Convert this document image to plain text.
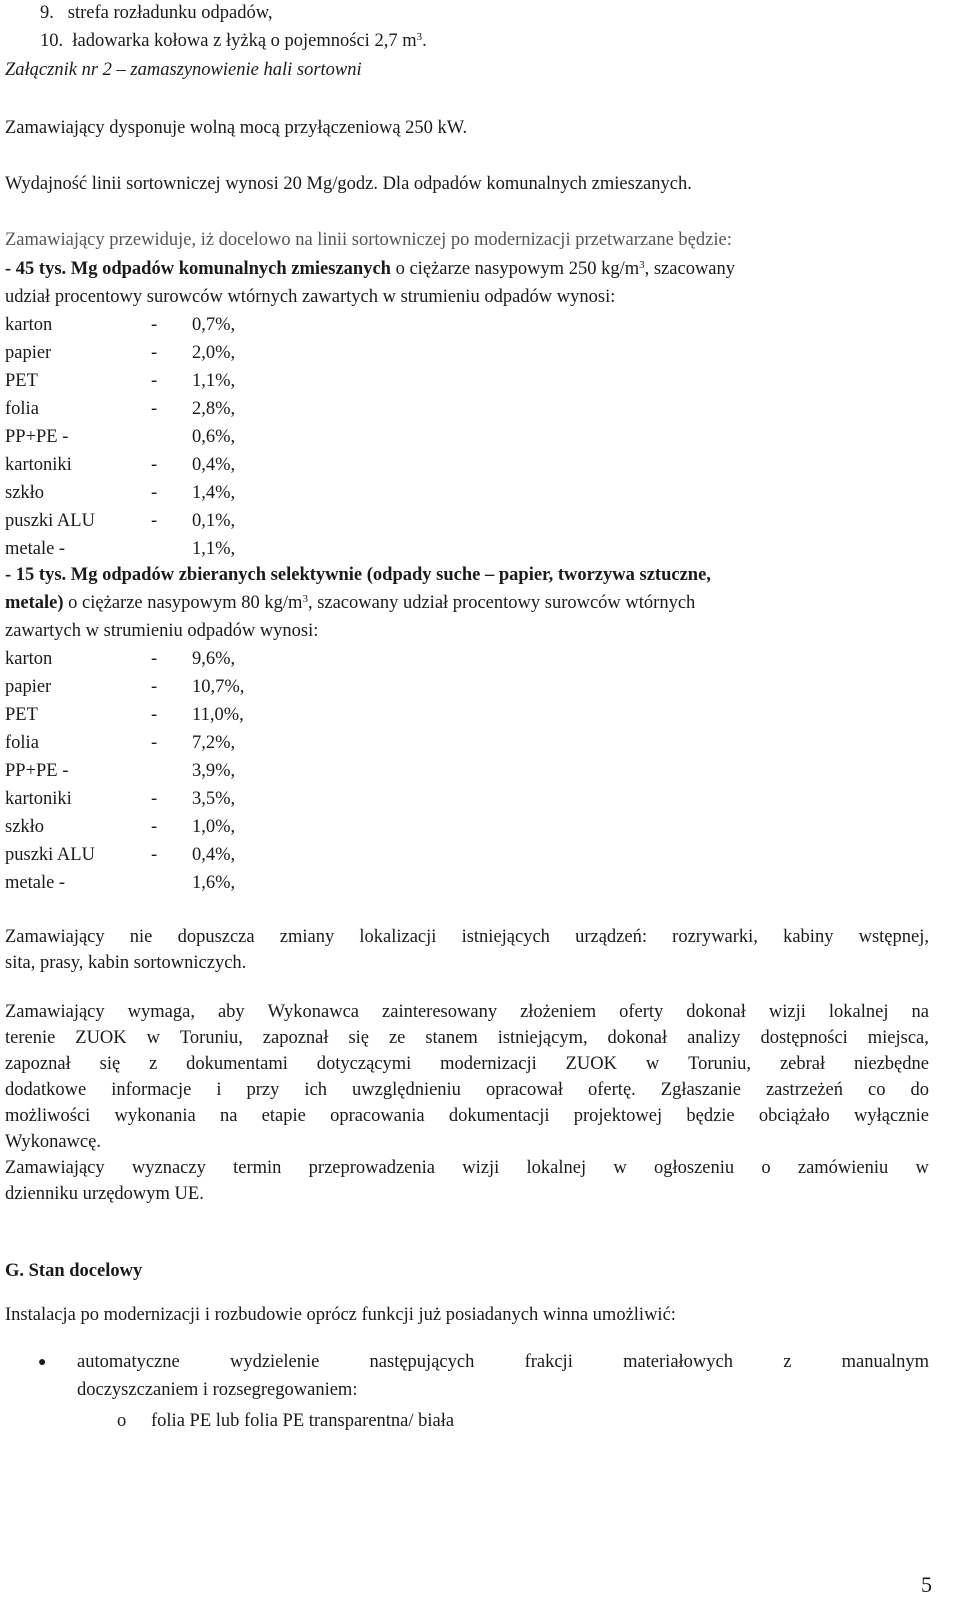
9. strefa rozładunku odpadów,
10. ładowarka kołowa z łyżką o pojemności 2,7 $m^3$.
Załącznik nr 2 – zamaszynowienie hali sortowni
Zamawiający dysponuje wolną mocą przyłączeniową 250 kW.
Wydajność linii sortowniczej wynosi 20 Mg/godz. Dla odpadów komunalnych zmieszanych.
Zamawiający przewiduje, iż docelowo na linii sortowniczej po modernizacji przetwarzane będzie:
- 45 tys. Mg odpadów komunalnych zmieszanych o ciężarze nasypowym 250 $kg/m^3$, szacowany
udział procentowy surowców wtórnych zawartych w strumieniu odpadów wynosi:
karton	- 0,7%,
papier	- 2,0%,
PET	- 1,1%,
folia	- 2,8%,
PP+PE -	0,6%,
kartoniki	- 0,4%,
szkło	- 1,4%,
puszki ALU	- 0,1%,
metale -	1,1%,
- 15 tys. Mg odpadów zbieranych selektywnie (odpady suche – papier, tworzywa sztuczne,
metale) o ciężarze nasypowym 80 $kg/m^3$, szacowany udział procentowy surowców wtórnych
zawartych w strumieniu odpadów wynosi:
karton	- 9,6%,
papier	- 10,7%,
PET	- 11,0%,
folia	- 7,2%,
PP+PE -	3,9%,
kartoniki	- 3,5%,
szkło	- 1,0%,
puszki ALU	- 0,4%,
metale -	1,6%,
Zamawiający nie dopuszcza zmiany lokalizacji istniejących urządzeń: rozrywarki, kabiny wstępnej,
sita, prasy, kabin sortowniczych.
Zamawiający wymaga, aby Wykonawca zainteresowany złożeniem oferty dokonał wizji lokalnej na
terenie ZUOK w Toruniu, zapoznał się ze stanem istniejącym, dokonał analizy dostępności miejsca,
zapoznał się z dokumentami dotyczącymi modernizacji ZUOK w Toruniu, zebrał niezbędne
dodatkowe informacje i przy ich uwzględnieniu opracował ofertę. Zgłaszanie zastrzeżeń co do
możliwości wykonania na etapie opracowania dokumentacji projektowej będzie obciążało wyłącznie
Wykonawcę.
Zamawiający wyznaczy termin przeprowadzenia wizji lokalnej w ogłoszeniu o zamówieniu w
dzienniku urzędowym UE.
G. Stan docelowy
Instalacja po modernizacji i rozbudowie oprócz funkcji już posiadanych winna umożliwić:
● automatyczne	wydzielenie	następujących	frakcji	materiałowych	z	manualnym
doczyszczaniem i rozsegregowaniem:
o folia PE lub folia PE transparentna/ biała
5
